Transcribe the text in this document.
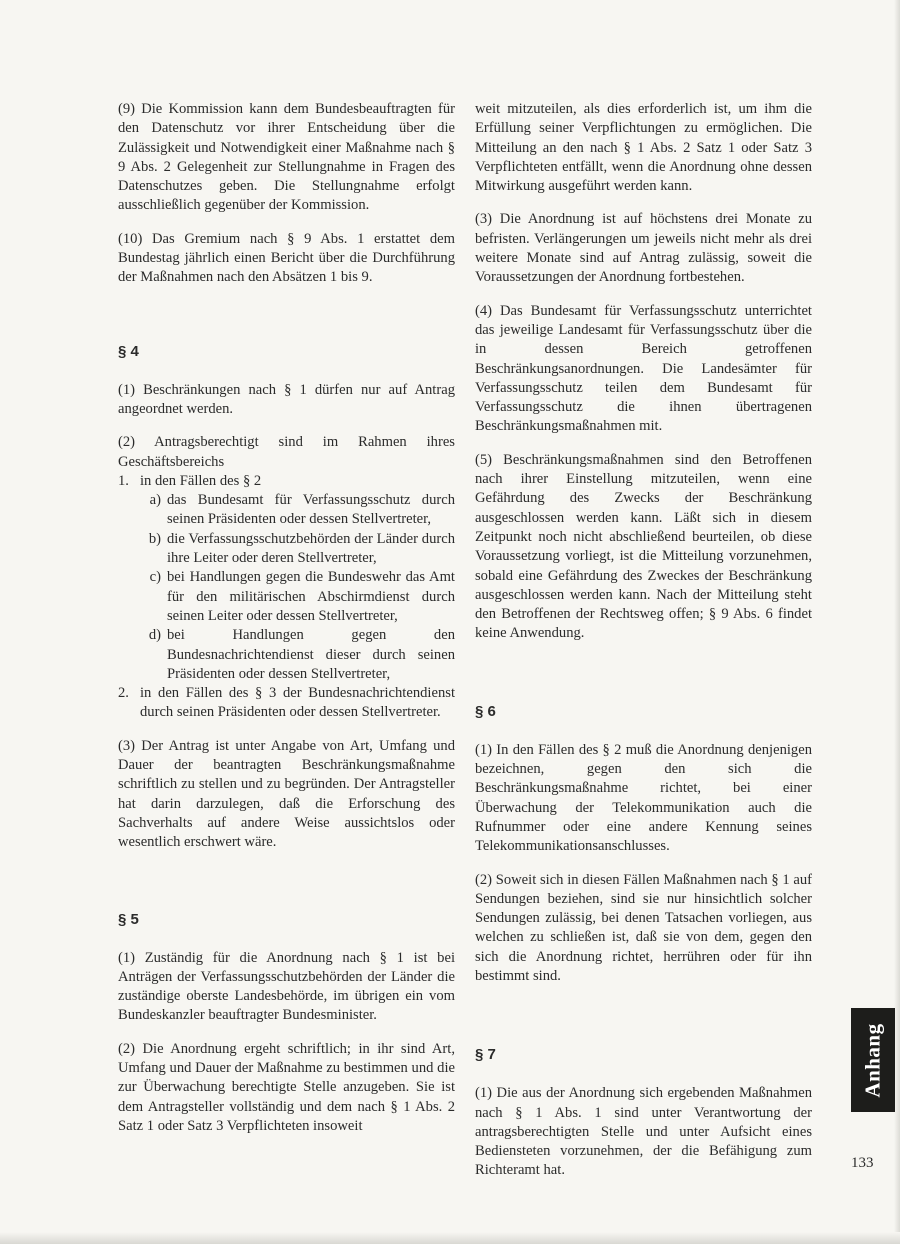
(9) Die Kommission kann dem Bundesbeauftragten für den Datenschutz vor ihrer Entscheidung über die Zulässigkeit und Notwendigkeit einer Maßnahme nach § 9 Abs. 2 Gelegenheit zur Stellungnahme in Fragen des Datenschutzes geben. Die Stellungnahme erfolgt ausschließlich gegenüber der Kommission.

(10) Das Gremium nach § 9 Abs. 1 erstattet dem Bundestag jährlich einen Bericht über die Durchführung der Maßnahmen nach den Absätzen 1 bis 9.

§ 4

(1) Beschränkungen nach § 1 dürfen nur auf Antrag angeordnet werden.

(2) Antragsberechtigt sind im Rahmen ihres Geschäftsbereichs
1. in den Fällen des § 2
a) das Bundesamt für Verfassungsschutz durch seinen Präsidenten oder dessen Stellvertreter,
b) die Verfassungsschutzbehörden der Länder durch ihre Leiter oder deren Stellvertreter,
c) bei Handlungen gegen die Bundeswehr das Amt für den militärischen Abschirmdienst durch seinen Leiter oder dessen Stellvertreter,
d) bei Handlungen gegen den Bundesnachrichtendienst dieser durch seinen Präsidenten oder dessen Stellvertreter,
2. in den Fällen des § 3 der Bundesnachrichtendienst durch seinen Präsidenten oder dessen Stellvertreter.

(3) Der Antrag ist unter Angabe von Art, Umfang und Dauer der beantragten Beschränkungsmaßnahme schriftlich zu stellen und zu begründen. Der Antragsteller hat darin darzulegen, daß die Erforschung des Sachverhalts auf andere Weise aussichtslos oder wesentlich erschwert wäre.

§ 5

(1) Zuständig für die Anordnung nach § 1 ist bei Anträgen der Verfassungsschutzbehörden der Länder die zuständige oberste Landesbehörde, im übrigen ein vom Bundeskanzler beauftragter Bundesminister.

(2) Die Anordnung ergeht schriftlich; in ihr sind Art, Umfang und Dauer der Maßnahme zu bestimmen und die zur Überwachung berechtigte Stelle anzugeben. Sie ist dem Antragsteller vollständig und dem nach § 1 Abs. 2 Satz 1 oder Satz 3 Verpflichteten insoweit

weit mitzuteilen, als dies erforderlich ist, um ihm die Erfüllung seiner Verpflichtungen zu ermöglichen. Die Mitteilung an den nach § 1 Abs. 2 Satz 1 oder Satz 3 Verpflichteten entfällt, wenn die Anordnung ohne dessen Mitwirkung ausgeführt werden kann.

(3) Die Anordnung ist auf höchstens drei Monate zu befristen. Verlängerungen um jeweils nicht mehr als drei weitere Monate sind auf Antrag zulässig, soweit die Voraussetzungen der Anordnung fortbestehen.

(4) Das Bundesamt für Verfassungsschutz unterrichtet das jeweilige Landesamt für Verfassungsschutz über die in dessen Bereich getroffenen Beschränkungsanordnungen. Die Landesämter für Verfassungsschutz teilen dem Bundesamt für Verfassungsschutz die ihnen übertragenen Beschränkungsmaßnahmen mit.

(5) Beschränkungsmaßnahmen sind den Betroffenen nach ihrer Einstellung mitzuteilen, wenn eine Gefährdung des Zwecks der Beschränkung ausgeschlossen werden kann. Läßt sich in diesem Zeitpunkt noch nicht abschließend beurteilen, ob diese Voraussetzung vorliegt, ist die Mitteilung vorzunehmen, sobald eine Gefährdung des Zweckes der Beschränkung ausgeschlossen werden kann. Nach der Mitteilung steht den Betroffenen der Rechtsweg offen; § 9 Abs. 6 findet keine Anwendung.

§ 6

(1) In den Fällen des § 2 muß die Anordnung denjenigen bezeichnen, gegen den sich die Beschränkungsmaßnahme richtet, bei einer Überwachung der Telekommunikation auch die Rufnummer oder eine andere Kennung seines Telekommunikationsanschlusses.

(2) Soweit sich in diesen Fällen Maßnahmen nach § 1 auf Sendungen beziehen, sind sie nur hinsichtlich solcher Sendungen zulässig, bei denen Tatsachen vorliegen, aus welchen zu schließen ist, daß sie von dem, gegen den sich die Anordnung richtet, herrühren oder für ihn bestimmt sind.

§ 7

(1) Die aus der Anordnung sich ergebenden Maßnahmen nach § 1 Abs. 1 sind unter Verantwortung der antragsberechtigten Stelle und unter Aufsicht eines Bediensteten vorzunehmen, der die Befähigung zum Richteramt hat.

Anhang
133
